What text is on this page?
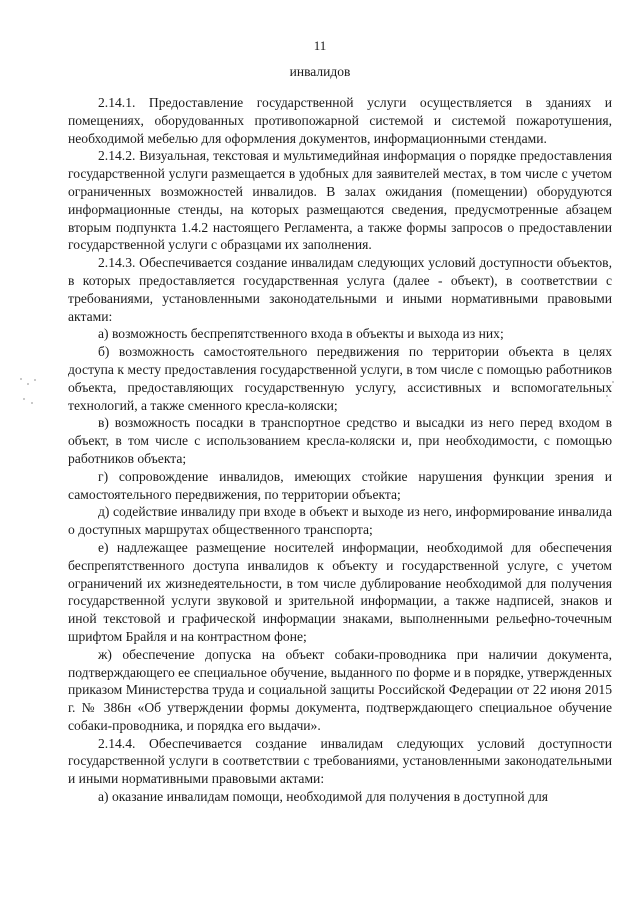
11
инвалидов

2.14.1. Предоставление государственной услуги осуществляется в зданиях и помещениях, оборудованных противопожарной системой и системой пожаротушения, необходимой мебелью для оформления документов, информационными стендами.

2.14.2. Визуальная, текстовая и мультимедийная информация о порядке предоставления государственной услуги размещается в удобных для заявителей местах, в том числе с учетом ограниченных возможностей инвалидов. В залах ожидания (помещении) оборудуются информационные стенды, на которых размещаются сведения, предусмотренные абзацем вторым подпункта 1.4.2 настоящего Регламента, а также формы запросов о предоставлении государственной услуги с образцами их заполнения.

2.14.3. Обеспечивается создание инвалидам следующих условий доступности объектов, в которых предоставляется государственная услуга (далее - объект), в соответствии с требованиями, установленными законодательными и иными нормативными правовыми актами:

а) возможность беспрепятственного входа в объекты и выхода из них;

б) возможность самостоятельного передвижения по территории объекта в целях доступа к месту предоставления государственной услуги, в том числе с помощью работников объекта, предоставляющих государственную услугу, ассистивных и вспомогательных технологий, а также сменного кресла-коляски;

в) возможность посадки в транспортное средство и высадки из него перед входом в объект, в том числе с использованием кресла-коляски и, при необходимости, с помощью работников объекта;

г) сопровождение инвалидов, имеющих стойкие нарушения функции зрения и самостоятельного передвижения, по территории объекта;

д) содействие инвалиду при входе в объект и выходе из него, информирование инвалида о доступных маршрутах общественного транспорта;

е) надлежащее размещение носителей информации, необходимой для обеспечения беспрепятственного доступа инвалидов к объекту и государственной услуге, с учетом ограничений их жизнедеятельности, в том числе дублирование необходимой для получения государственной услуги звуковой и зрительной информации, а также надписей, знаков и иной текстовой и графической информации знаками, выполненными рельефно-точечным шрифтом Брайля и на контрастном фоне;

ж) обеспечение допуска на объект собаки-проводника при наличии документа, подтверждающего ее специальное обучение, выданного по форме и в порядке, утвержденных приказом Министерства труда и социальной защиты Российской Федерации от 22 июня 2015 г. № 386н «Об утверждении формы документа, подтверждающего специальное обучение собаки-проводника, и порядка его выдачи».

2.14.4. Обеспечивается создание инвалидам следующих условий доступности государственной услуги в соответствии с требованиями, установленными законодательными и иными нормативными правовыми актами:

а) оказание инвалидам помощи, необходимой для получения в доступной для
